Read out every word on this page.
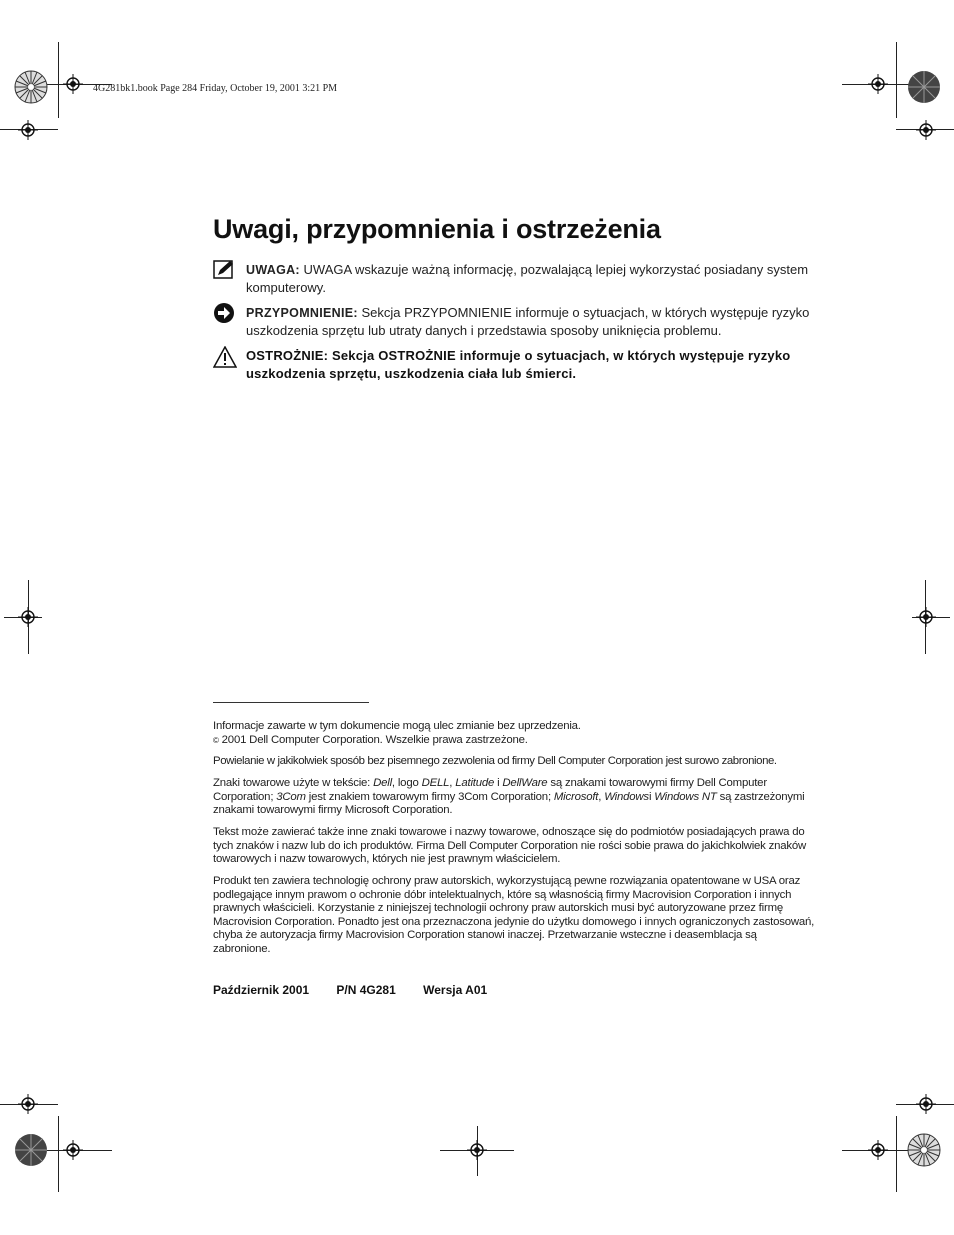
4G281bk1.book Page 284 Friday, October 19, 2001 3:21 PM
Uwagi, przypomnienia i ostrzeżenia
UWAGA: UWAGA wskazuje ważną informację, pozwalającą lepiej wykorzystać posiadany system komputerowy.
PRZYPOMNIENIE: Sekcja PRZYPOMNIENIE informuje o sytuacjach, w których występuje ryzyko uszkodzenia sprzętu lub utraty danych i przedstawia sposoby uniknięcia problemu.
OSTROŻNIE: Sekcja OSTROŻNIE informuje o sytuacjach, w których występuje ryzyko uszkodzenia sprzętu, uszkodzenia ciała lub śmierci.
Informacje zawarte w tym dokumencie mogą ulec zmianie bez uprzedzenia.
© 2001 Dell Computer Corporation. Wszelkie prawa zastrzeżone.
Powielanie w jakikolwiek sposób bez pisemnego zezwolenia od firmy Dell Computer Corporation jest surowo zabronione.
Znaki towarowe użyte w tekście: Dell, logo DELL, Latitude i DellWare są znakami towarowymi firmy Dell Computer Corporation; 3Com jest znakiem towarowym firmy 3Com Corporation; Microsoft, Windowsi Windows NT są zastrzeżonymi znakami towarowymi firmy Microsoft Corporation.
Tekst może zawierać także inne znaki towarowe i nazwy towarowe, odnoszące się do podmiotów posiadających prawa do tych znaków i nazw lub do ich produktów. Firma Dell Computer Corporation nie rości sobie prawa do jakichkolwiek znaków towarowych i nazw towarowych, których nie jest prawnym właścicielem.
Produkt ten zawiera technologię ochrony praw autorskich, wykorzystującą pewne rozwiązania opatentowane w USA oraz podlegające innym prawom o ochronie dóbr intelektualnych, które są własnością firmy Macrovision Corporation i innych prawnych właścicieli. Korzystanie z niniejszej technologii ochrony praw autorskich musi być autoryzowane przez firmę Macrovision Corporation. Ponadto jest ona przeznaczona jedynie do użytku domowego i innych ograniczonych zastosowań, chyba że autoryzacja firmy Macrovision Corporation stanowi inaczej. Przetwarzanie wsteczne i deasemblacja są zabronione.
Październik 2001 P/N 4G281 Wersja A01
